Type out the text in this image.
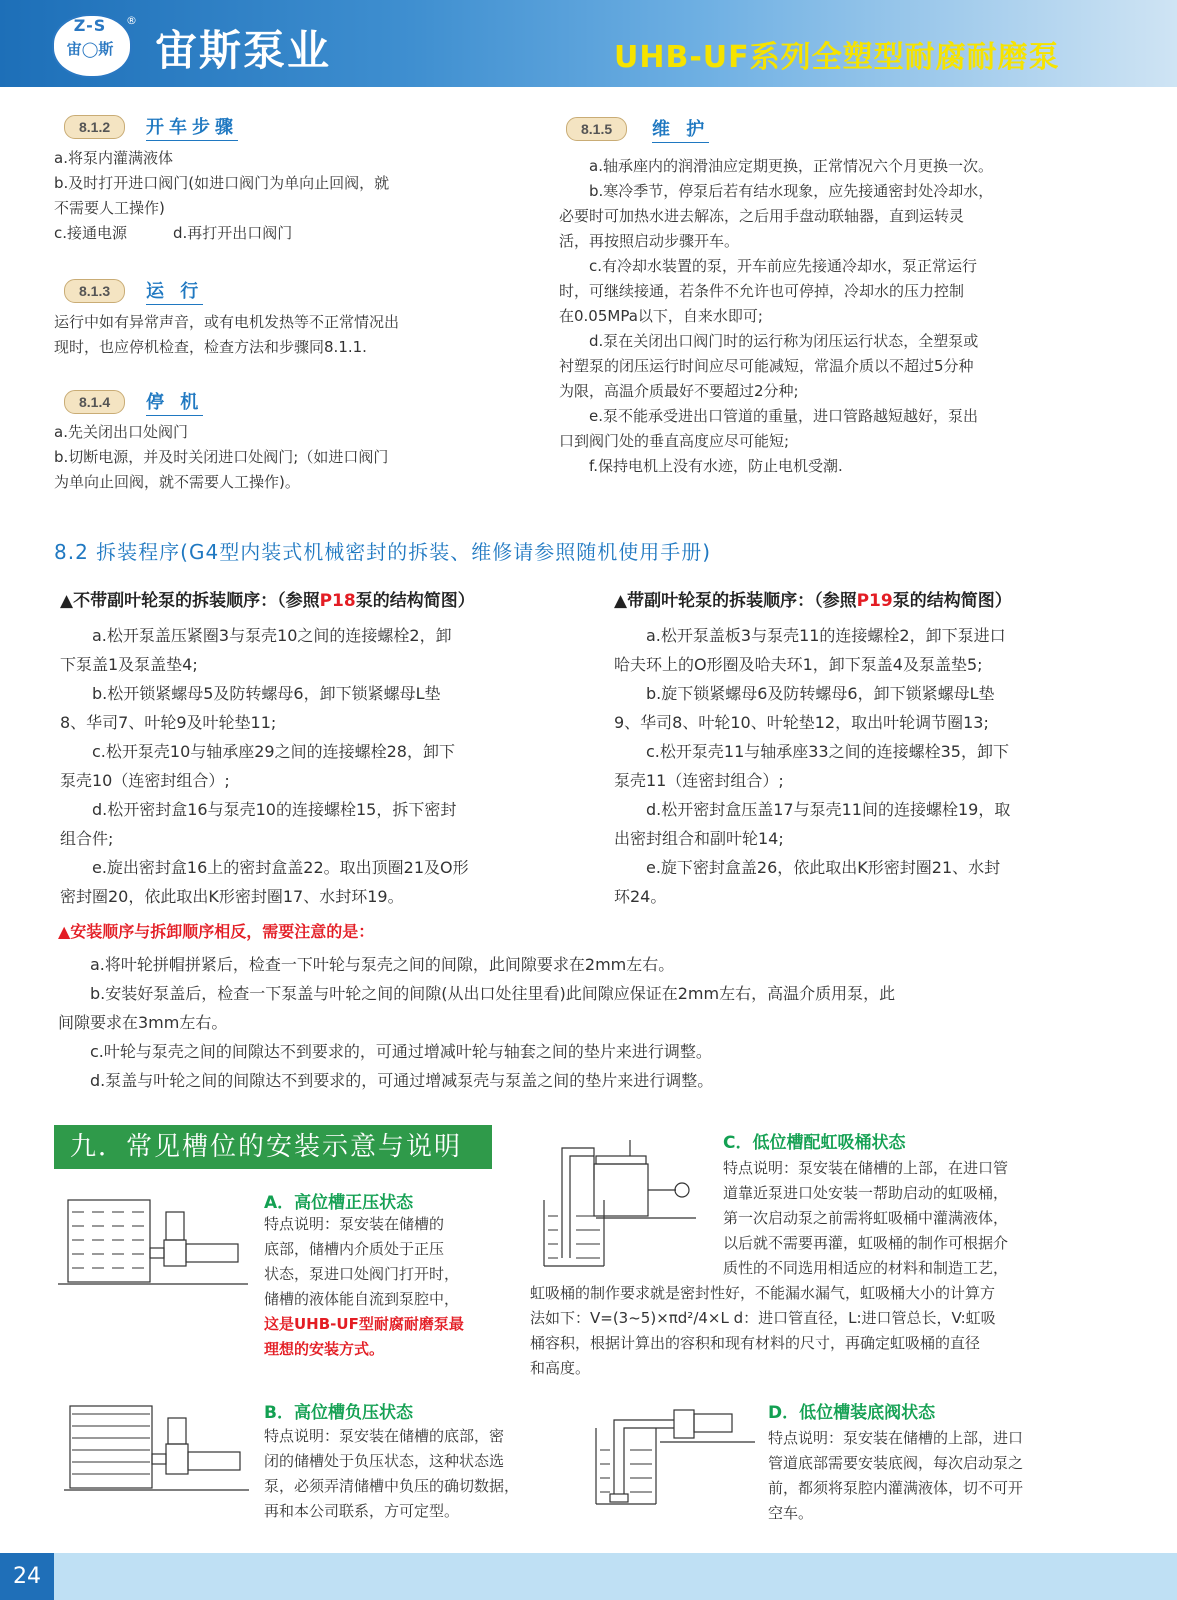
Z-S
宙◯斯
®
宙斯泵业	UHB-UF系列全塑型耐腐耐磨泵
8.1.2	开车步骤

a.将泵内灌满液体

b.及时打开进口阀门(如进口阀门为单向止回阀，就

不需要人工操作)

c.接通电源	d.再打开出口阀门

8.1.3	运 行

运行中如有异常声音，或有电机发热等不正常情况出

现时，也应停机检查，检查方法和步骤同8.1.1.

8.1.4	停 机

a.先关闭出口处阀门

b.切断电源，并及时关闭进口处阀门;（如进口阀门

为单向止回阀，就不需要人工操作)。

8.1.5	维 护

a.轴承座内的润滑油应定期更换，正常情况六个月更换一次。

b.寒冷季节，停泵后若有结水现象，应先接通密封处冷却水，

必要时可加热水进去解冻，之后用手盘动联轴器，直到运转灵

活，再按照启动步骤开车。

c.有冷却水装置的泵，开车前应先接通冷却水，泵正常运行

时，可继续接通，若条件不允许也可停掉，冷却水的压力控制

在0.05MPa以下，自来水即可;

d.泵在关闭出口阀门时的运行称为闭压运行状态，全塑泵或

衬塑泵的闭压运行时间应尽可能减短，常温介质以不超过5分种

为限，高温介质最好不要超过2分种;

e.泵不能承受进出口管道的重量，进口管路越短越好，泵出

口到阀门处的垂直高度应尽可能短;

f.保持电机上没有水迹，防止电机受潮.

8.2 拆装程序(G4型内装式机械密封的拆装、维修请参照随机使用手册)
▲不带副叶轮泵的拆装顺序：（参照P18泵的结构简图）

a.松开泵盖压紧圈3与泵壳10之间的连接螺栓2，卸

下泵盖1及泵盖垫4;

b.松开锁紧螺母5及防转螺母6，卸下锁紧螺母L垫

8、华司7、叶轮9及叶轮垫11;

c.松开泵壳10与轴承座29之间的连接螺栓28，卸下

泵壳10（连密封组合）;

d.松开密封盒16与泵壳10的连接螺栓15，拆下密封

组合件;

e.旋出密封盒16上的密封盒盖22。取出顶圈21及O形

密封圈20，依此取出K形密封圈17、水封环19。

▲带副叶轮泵的拆装顺序：（参照P19泵的结构简图）

a.松开泵盖板3与泵壳11的连接螺栓2，卸下泵进口

哈夫环上的O形圈及哈夫环1，卸下泵盖4及泵盖垫5;

b.旋下锁紧螺母6及防转螺母6，卸下锁紧螺母L垫

9、华司8、叶轮10、叶轮垫12，取出叶轮调节圈13;

c.松开泵壳11与轴承座33之间的连接螺栓35，卸下

泵壳11（连密封组合）;

d.松开密封盒压盖17与泵壳11间的连接螺栓19，取

出密封组合和副叶轮14;

e.旋下密封盒盖26，依此取出K形密封圈21、水封

环24。

▲安装顺序与拆卸顺序相反，需要注意的是：

a.将叶轮拼帽拼紧后，检查一下叶轮与泵壳之间的间隙，此间隙要求在2mm左右。

b.安装好泵盖后，检查一下泵盖与叶轮之间的间隙(从出口处往里看)此间隙应保证在2mm左右，高温介质用泵，此

间隙要求在3mm左右。

c.叶轮与泵壳之间的间隙达不到要求的，可通过增减叶轮与轴套之间的垫片来进行调整。

d.泵盖与叶轮之间的间隙达不到要求的，可通过增减泵壳与泵盖之间的垫片来进行调整。

九．常见槽位的安装示意与说明
A．高位槽正压状态

特点说明：泵安装在储槽的

底部，储槽内介质处于正压

状态，泵进口处阀门打开时，

储槽的液体能自流到泵腔中，

这是UHB-UF型耐腐耐磨泵最

理想的安装方式。

B．高位槽负压状态

特点说明：泵安装在储槽的底部，密

闭的储槽处于负压状态，这种状态选

泵，必须弄清储槽中负压的确切数据，

再和本公司联系，方可定型。

C．低位槽配虹吸桶状态

特点说明：泵安装在储槽的上部，在进口管

道靠近泵进口处安装一帮助启动的虹吸桶，

第一次启动泵之前需将虹吸桶中灌满液体，

以后就不需要再灌，虹吸桶的制作可根据介

质性的不同选用相适应的材料和制造工艺，

虹吸桶的制作要求就是密封性好，不能漏水漏气，虹吸桶大小的计算方

法如下：V=(3~5)×πd²/4×L d：进口管直径，L:进口管总长，V:虹吸

桶容积，根据计算出的容积和现有材料的尺寸，再确定虹吸桶的直径

和高度。

D．低位槽装底阀状态

特点说明：泵安装在储槽的上部，进口

管道底部需要安装底阀，每次启动泵之

前，都须将泵腔内灌满液体，切不可开

空车。

24
